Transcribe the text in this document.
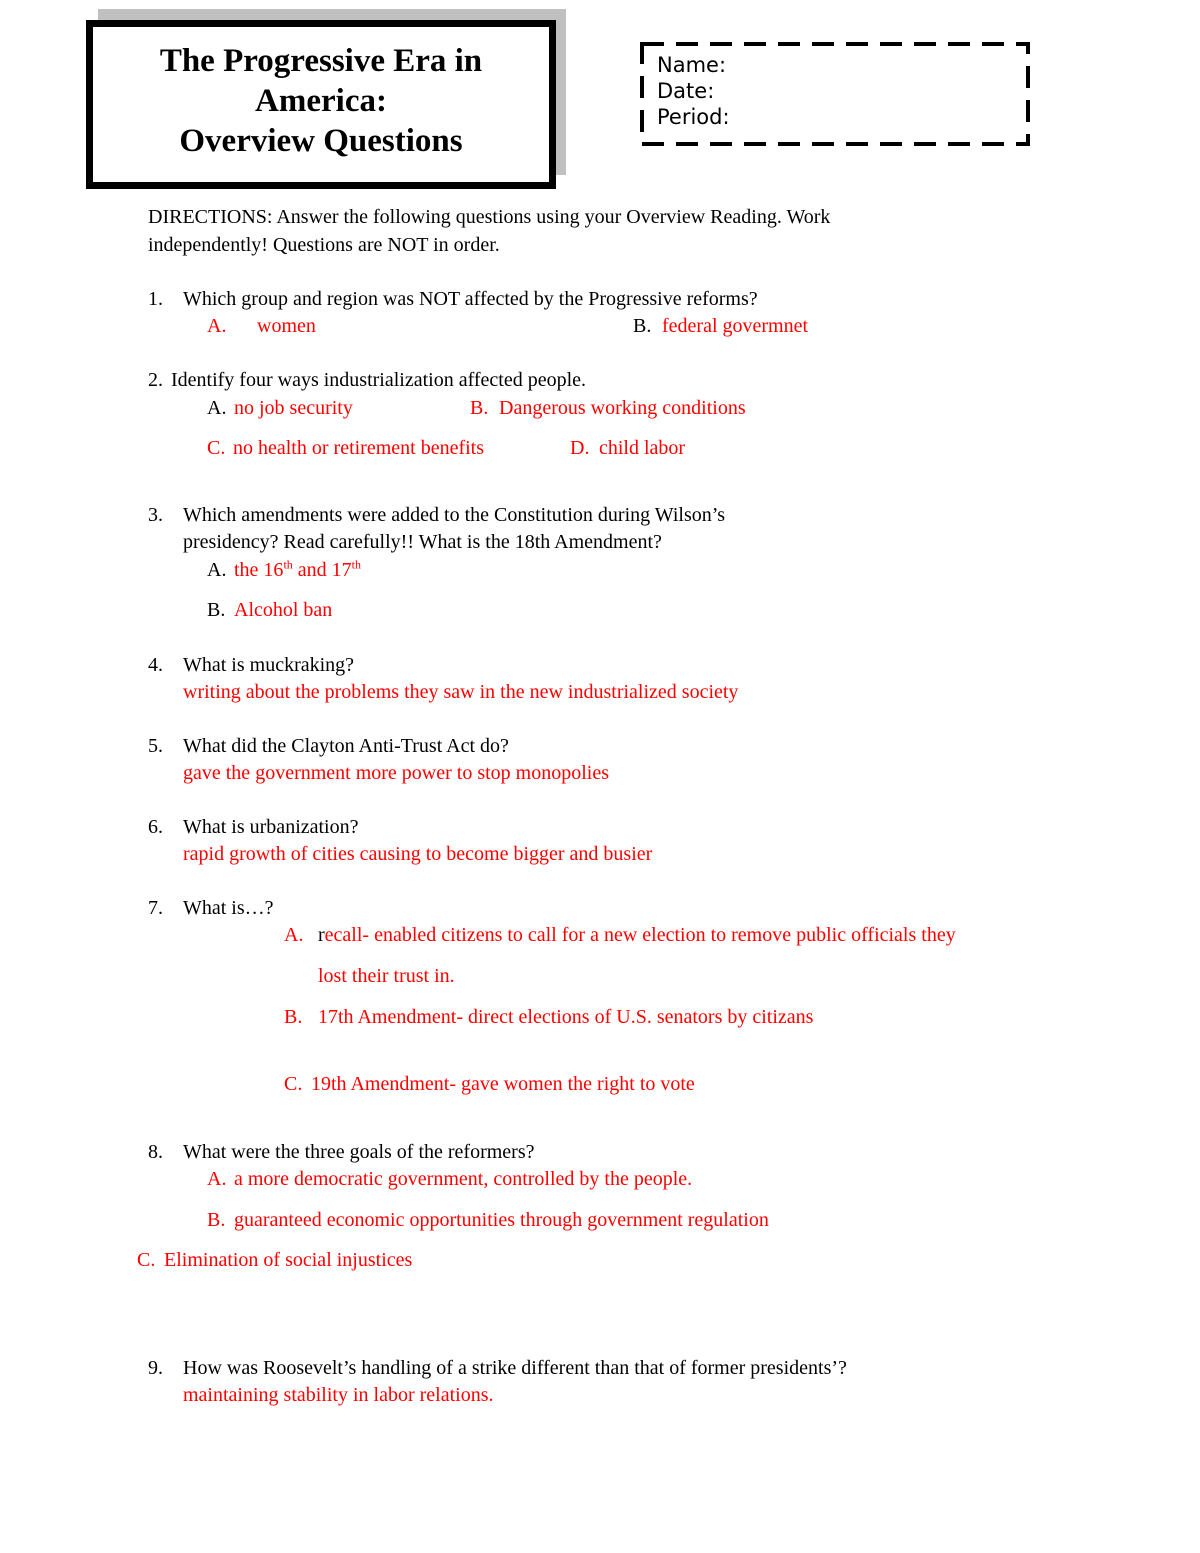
The Progressive Era in
America:
Overview Questions
Name:
Date:
Period:
DIRECTIONS: Answer the following questions using your Overview Reading. Work
independently! Questions are NOT in order.
1. Which group and region was NOT affected by the Progressive reforms?
A. women	B. federal govermnet
2. Identify four ways industrialization affected people.
A. no job security	B. Dangerous working conditions
C. no health or retirement benefits	D. child labor
3. Which amendments were added to the Constitution during Wilson’s
presidency? Read carefully!! What is the 18th Amendment?
A. the 16th and 17th
B. Alcohol ban
4. What is muckraking?
writing about the problems they saw in the new industrialized society
5. What did the Clayton Anti-Trust Act do?
gave the government more power to stop monopolies
6. What is urbanization?
rapid growth of cities causing to become bigger and busier
7. What is…?
A. recall- enabled citizens to call for a new election to remove public officials they
lost their trust in.
B. 17th Amendment- direct elections of U.S. senators by citizans
C. 19th Amendment- gave women the right to vote
8. What were the three goals of the reformers?
A. a more democratic government, controlled by the people.
B. guaranteed economic opportunities through government regulation
C. Elimination of social injustices
9. How was Roosevelt’s handling of a strike different than that of former presidents’?
maintaining stability in labor relations.
